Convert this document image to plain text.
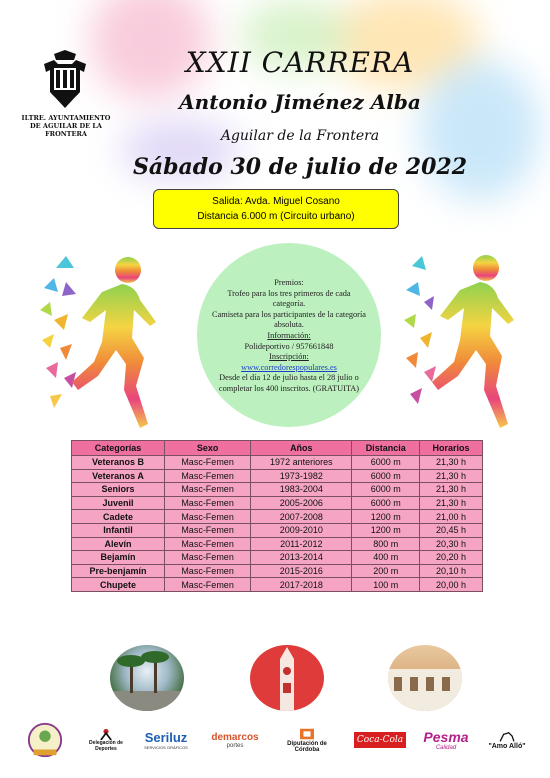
ILTRE. AYUNTAMIENTO DE AGUILAR DE LA FRONTERA
XXII CARRERA
Antonio Jiménez Alba
Aguilar de la Frontera
Sábado 30 de julio de 2022
Salida: Avda. Miguel Cosano
Distancia 6.000 m (Circuito urbano)
Premios:
Trofeo para los tres primeros de cada categoría.
Camiseta para los participantes de la categoría absoluta.
Información:
Polideportivo / 957661848
Inscripción:
www.corredorespopulares.es
Desde el día 12 de julio hasta el 28 julio o completar los 400 inscritos. (GRATUITA)
Categorías	Sexo	Años	Distancia	Horarios
Veteranos B	Masc-Femen	1972 anteriores	6000 m	21,30 h
Veteranos A	Masc-Femen	1973-1982	6000 m	21,30 h
Seniors	Masc-Femen	1983-2004	6000 m	21,30 h
Juvenil	Masc-Femen	2005-2006	6000 m	21,30 h
Cadete	Masc-Femen	2007-2008	1200 m	21,00 h
Infantil	Masc-Femen	2009-2010	1200 m	20,45 h
Alevín	Masc-Femen	2011-2012	800 m	20,30 h
Bejamín	Masc-Femen	2013-2014	400 m	20,20 h
Pre-benjamín	Masc-Femen	2015-2016	200 m	20,10 h
Chupete	Masc-Femen	2017-2018	100 m	20,00 h
Delegación de Deportes
Seriluz
SERVICIOS GRÁFICOS
demarcos
portes	Diputación de Córdoba
Coca-Cola Pesma
Calidad	"Amo Alló"
